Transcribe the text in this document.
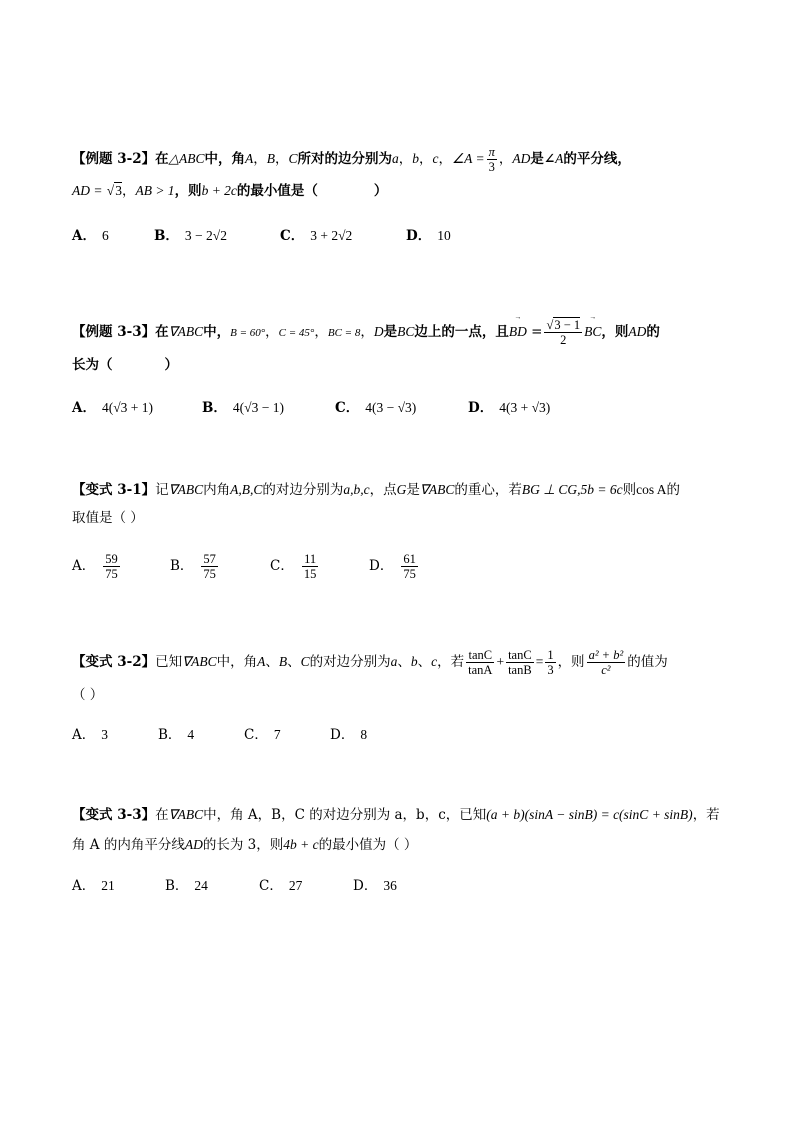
【例题 3-2】在△ABC中，角A，B，C所对的边分别为a，b，c，∠A = $\frac{\pi}{3}$ ，AD是∠A的平分线，
AD = √3，AB > 1，则b + 2c的最小值是（	）
A． 6	B． 3 − 2√2	C． 3 + 2√2	D． 10
【例题 3-3】在∇ABC中，B = 60°，C = 45°，BC = 8，D是BC边上的一点，且
→
BD = $\frac{√3 - 1}{2}$
→
BC，则AD的
长为（	）
A． 4(√3 + 1)	B． 4(√3 − 1)	C． 4(3 − √3)	D． 4(3 + √3)
【变式 3-1】记∇ABC内角A,B,C的对边分别为a,b,c，点G是∇ABC的重心，若BG ⊥ CG,5b = 6c则cos A的
取值是（ ）
A． $\frac{59}{75}$	B． $\frac{57}{75}$	C． $\frac{11}{15}$	D． $\frac{61}{75}$
【变式 3-2】已知∇ABC中，角A、B、C的对边分别为a、b、c，若 $\frac{\tan C}{\tan A} + \frac{\tan C}{\tan B} = \frac{1}{3}$ ，则 $\frac{\text{a² + b²}}{\text{c²}}$ 的值为
（ ）
A． 3	B． 4	C． 7	D． 8
【变式 3-3】在∇ABC中，角 A，B，C 的对边分别为 a，b，c，已知(a + b)(sinA − sinB) = c(sinC + sinB)，若
角 A 的内角平分线AD的长为 3，则4b + c的最小值为（ ）
A． 21	B． 24	C． 27	D． 36
